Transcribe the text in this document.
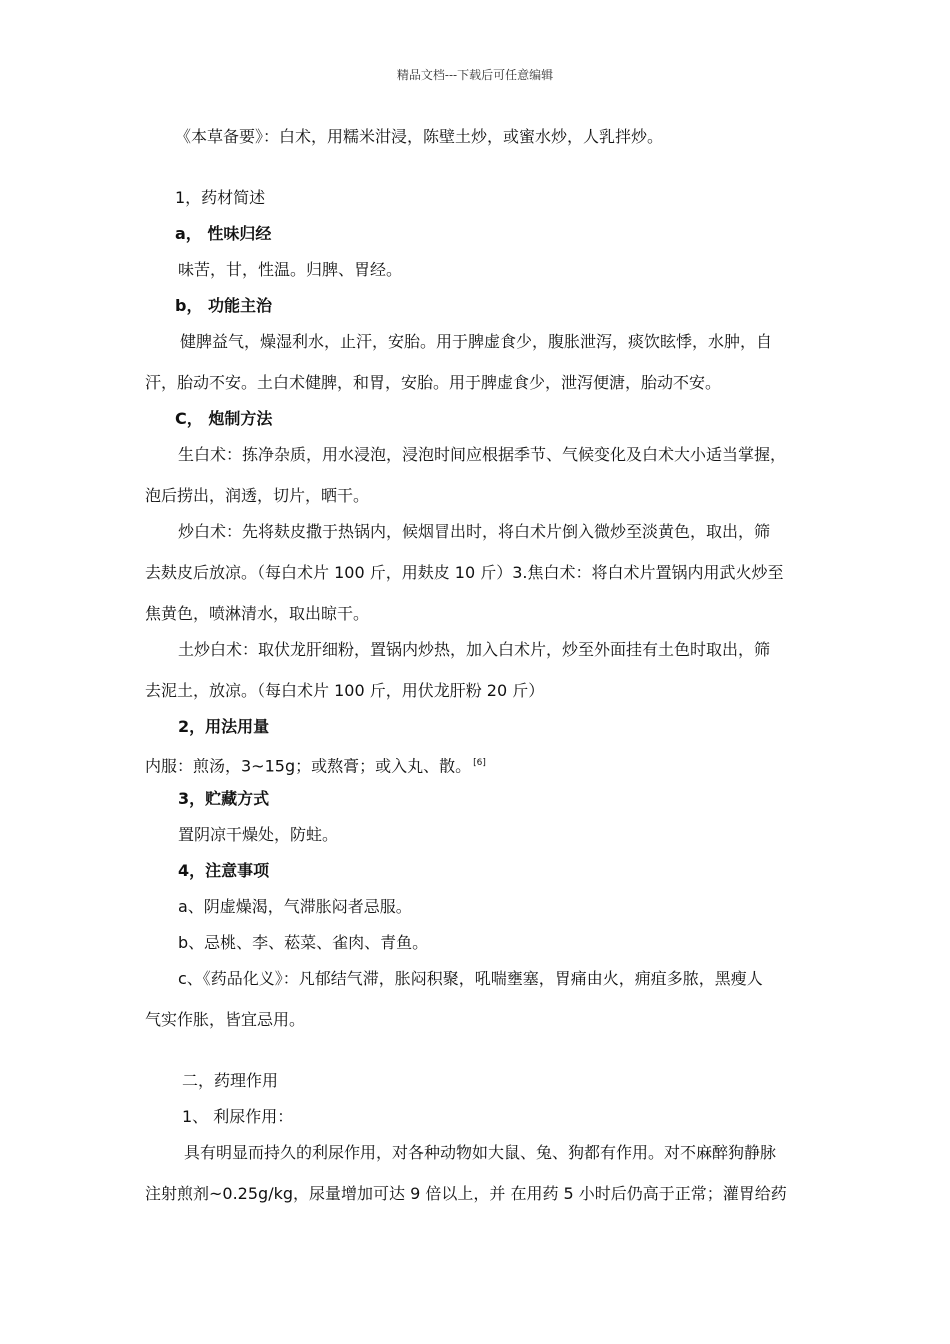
精品文档---下载后可任意编辑
《本草备要》：白术，用糯米泔浸，陈壁土炒，或蜜水炒，人乳拌炒。
1，药材简述
a， 性味归经
味苦，甘，性温。归脾、胃经。
b， 功能主治
健脾益气，燥湿利水，止汗，安胎。用于脾虚食少，腹胀泄泻，痰饮眩悸，水肿，自
汗，胎动不安。土白术健脾，和胃，安胎。用于脾虚食少，泄泻便溏，胎动不安。
C， 炮制方法
生白术：拣净杂质，用水浸泡，浸泡时间应根据季节、气候变化及白术大小适当掌握，
泡后捞出，润透，切片，晒干。
炒白术：先将麸皮撒于热锅内，候烟冒出时，将白术片倒入微炒至淡黄色，取出，筛
去麸皮后放凉。（每白术片 100 斤，用麸皮 10 斤）3.焦白术：将白术片置锅内用武火炒至
焦黄色，喷淋清水，取出晾干。
土炒白术：取伏龙肝细粉，置锅内炒热，加入白术片，炒至外面挂有土色时取出，筛
去泥土，放凉。（每白术片 100 斤，用伏龙肝粉 20 斤）
2，用法用量
内服：煎汤，3~15g；或熬膏；或入丸、散。 [6]
3，贮藏方式
置阴凉干燥处，防蛀。
4，注意事项
a、阴虚燥渴，气滞胀闷者忌服。
b、忌桃、李、菘菜、雀肉、青鱼。
c、《药品化义》：凡郁结气滞，胀闷积聚，吼喘壅塞，胃痛由火，痈疽多脓，黑瘦人
气实作胀，皆宜忌用。
二，药理作用
1、 利尿作用：
具有明显而持久的利尿作用，对各种动物如大鼠、兔、狗都有作用。对不麻醉狗静脉
注射煎剂~0.25g/kg，尿量增加可达 9 倍以上，并 在用药 5 小时后仍高于正常；灌胃给药
